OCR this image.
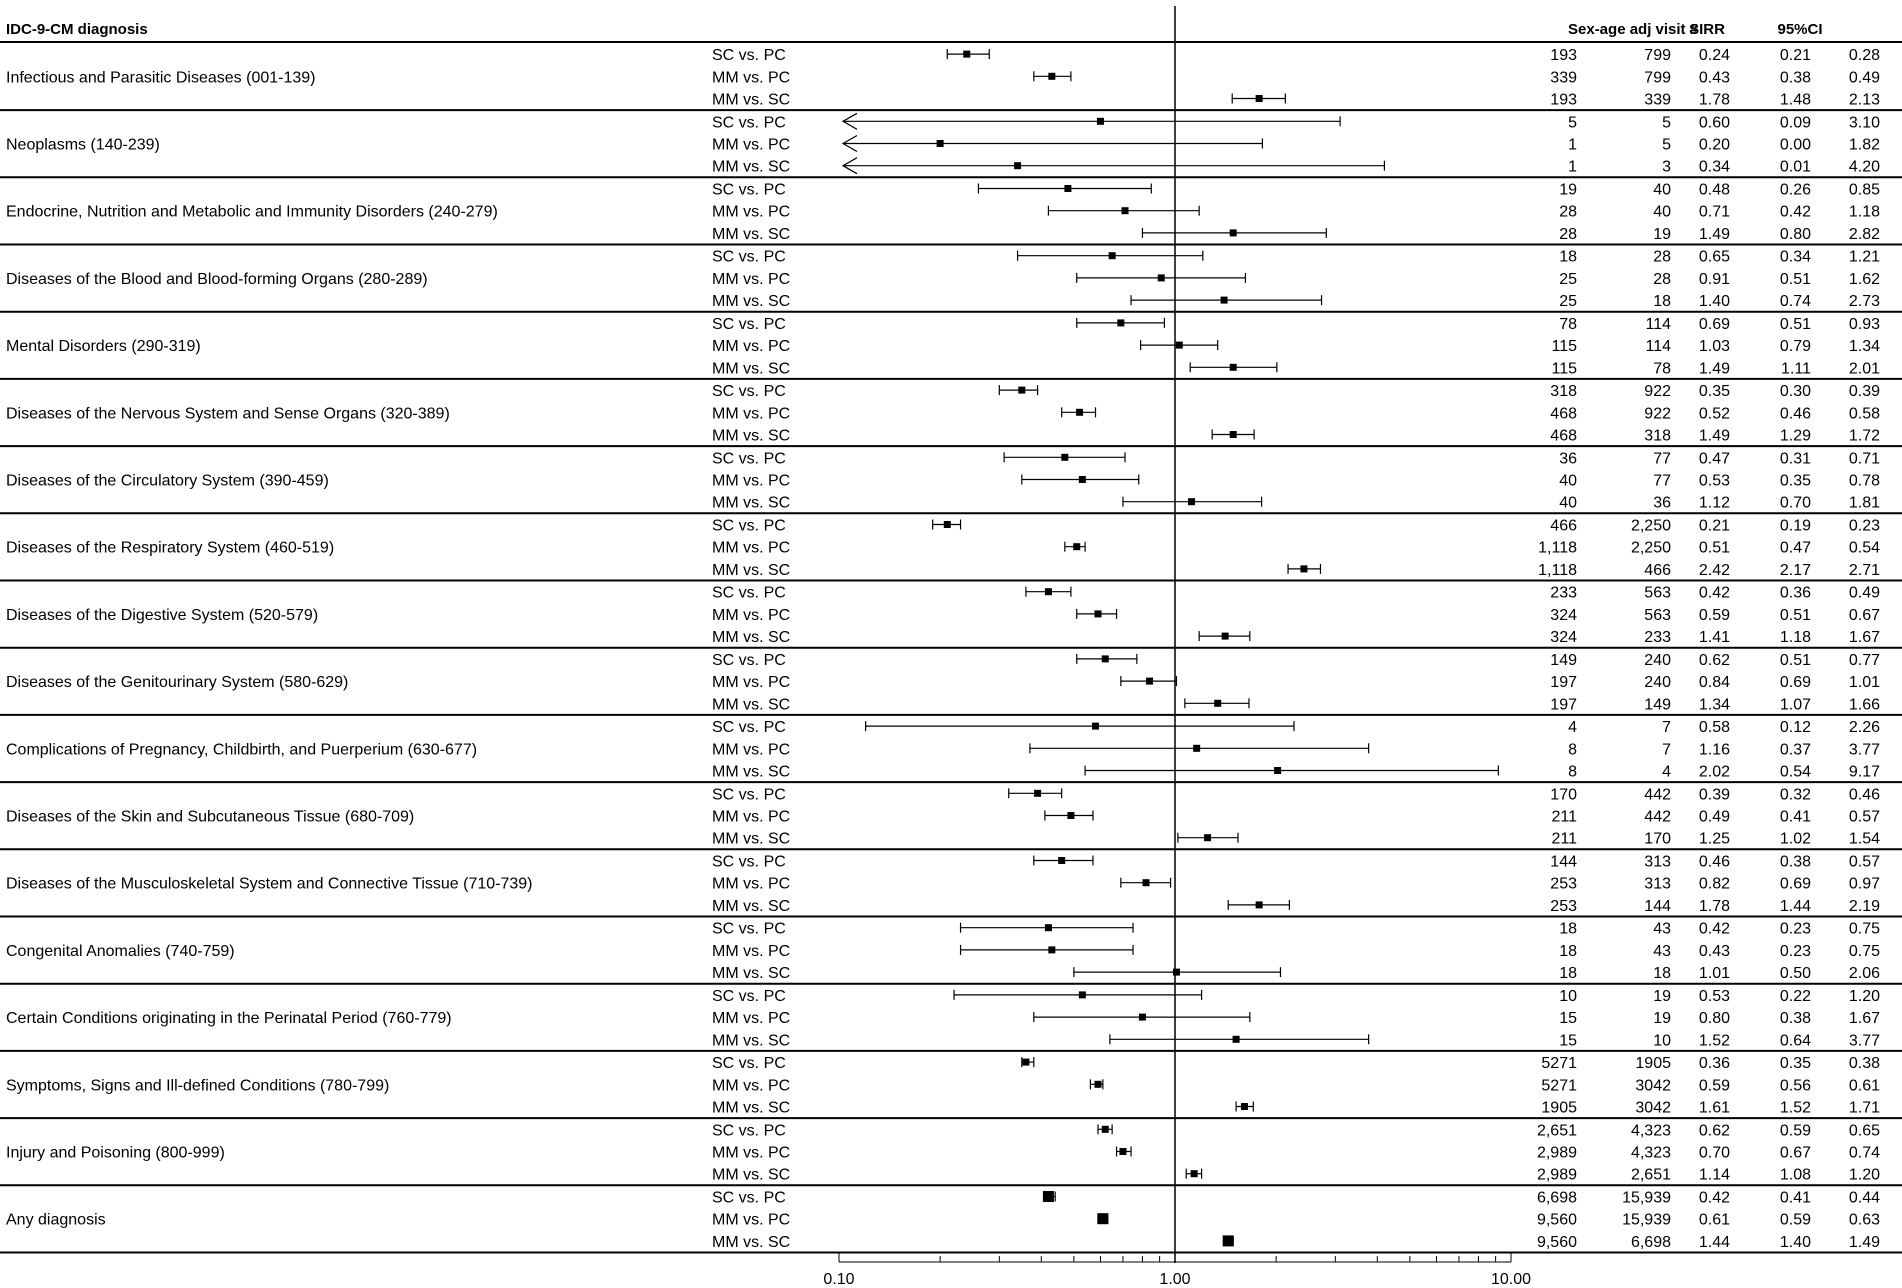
IDC-9-CM diagnosis	Sex-age adj visit #
SIRR	95%CI
SC vs. PC	193	799 0.24	0.21 0.28
MM vs. PC	339	799 0.43	0.38 0.49
MM vs. SC	193	339 1.78	1.48 2.13
Infectious and Parasitic Diseases (001-139)
SC vs. PC	5	5 0.60	0.09 3.10
MM vs. PC	1	5 0.20	0.00 1.82
MM vs. SC	1	3 0.34	0.01 4.20
Neoplasms (140-239)
SC vs. PC	19	40 0.48	0.26 0.85
MM vs. PC	28	40 0.71	0.42 1.18
MM vs. SC	28	19 1.49	0.80 2.82
Endocrine, Nutrition and Metabolic and Immunity Disorders (240-279)
SC vs. PC	18	28 0.65	0.34 1.21
MM vs. PC	25	28 0.91	0.51 1.62
MM vs. SC	25	18 1.40	0.74 2.73
Diseases of the Blood and Blood-forming Organs (280-289)
SC vs. PC	78	114 0.69	0.51 0.93
MM vs. PC	115	114 1.03	0.79 1.34
MM vs. SC	115	78 1.49	1.11 2.01
Mental Disorders (290-319)
SC vs. PC	318	922 0.35	0.30 0.39
MM vs. PC	468	922 0.52	0.46 0.58
MM vs. SC	468	318 1.49	1.29 1.72
Diseases of the Nervous System and Sense Organs (320-389)
SC vs. PC	36	77 0.47	0.31 0.71
MM vs. PC	40	77 0.53	0.35 0.78
MM vs. SC	40	36 1.12	0.70 1.81
Diseases of the Circulatory System (390-459)
SC vs. PC	466	2,250 0.21	0.19 0.23
MM vs. PC	1,118	2,250 0.51	0.47 0.54
MM vs. SC	1,118	466 2.42	2.17 2.71
Diseases of the Respiratory System (460-519)
SC vs. PC	233	563 0.42	0.36 0.49
MM vs. PC	324	563 0.59	0.51 0.67
MM vs. SC	324	233 1.41	1.18 1.67
Diseases of the Digestive System (520-579)
SC vs. PC	149	240 0.62	0.51 0.77
MM vs. PC	197	240 0.84	0.69 1.01
MM vs. SC	197	149 1.34	1.07 1.66
Diseases of the Genitourinary System (580-629)
SC vs. PC	4	7 0.58	0.12 2.26
MM vs. PC	8	7 1.16	0.37 3.77
MM vs. SC	8	4 2.02	0.54 9.17
Complications of Pregnancy, Childbirth, and Puerperium (630-677)
SC vs. PC	170	442 0.39	0.32 0.46
MM vs. PC	211	442 0.49	0.41 0.57
MM vs. SC	211	170 1.25	1.02 1.54
Diseases of the Skin and Subcutaneous Tissue (680-709)
SC vs. PC	144	313 0.46	0.38 0.57
MM vs. PC	253	313 0.82	0.69 0.97
MM vs. SC	253	144 1.78	1.44 2.19
Diseases of the Musculoskeletal System and Connective Tissue (710-739)
SC vs. PC	18	43 0.42	0.23 0.75
MM vs. PC	18	43 0.43	0.23 0.75
MM vs. SC	18	18 1.01	0.50 2.06
Congenital Anomalies (740-759)
SC vs. PC	10	19 0.53	0.22 1.20
MM vs. PC	15	19 0.80	0.38 1.67
MM vs. SC	15	10 1.52	0.64 3.77
Certain Conditions originating in the Perinatal Period (760-779)
SC vs. PC	5271	1905 0.36	0.35 0.38
MM vs. PC	5271	3042 0.59	0.56 0.61
MM vs. SC	1905	3042 1.61	1.52 1.71
Symptoms, Signs and Ill-defined Conditions (780-799)
SC vs. PC	2,651	4,323 0.62	0.59 0.65
MM vs. PC	2,989	4,323 0.70	0.67 0.74
MM vs. SC	2,989	2,651 1.14	1.08 1.20
Injury and Poisoning (800-999)
SC vs. PC	6,698	15,939 0.42	0.41 0.44
MM vs. PC	9,560	15,939 0.61	0.59 0.63
MM vs. SC	9,560	6,698 1.44	1.40 1.49
Any diagnosis
0.10	1.00	10.00
